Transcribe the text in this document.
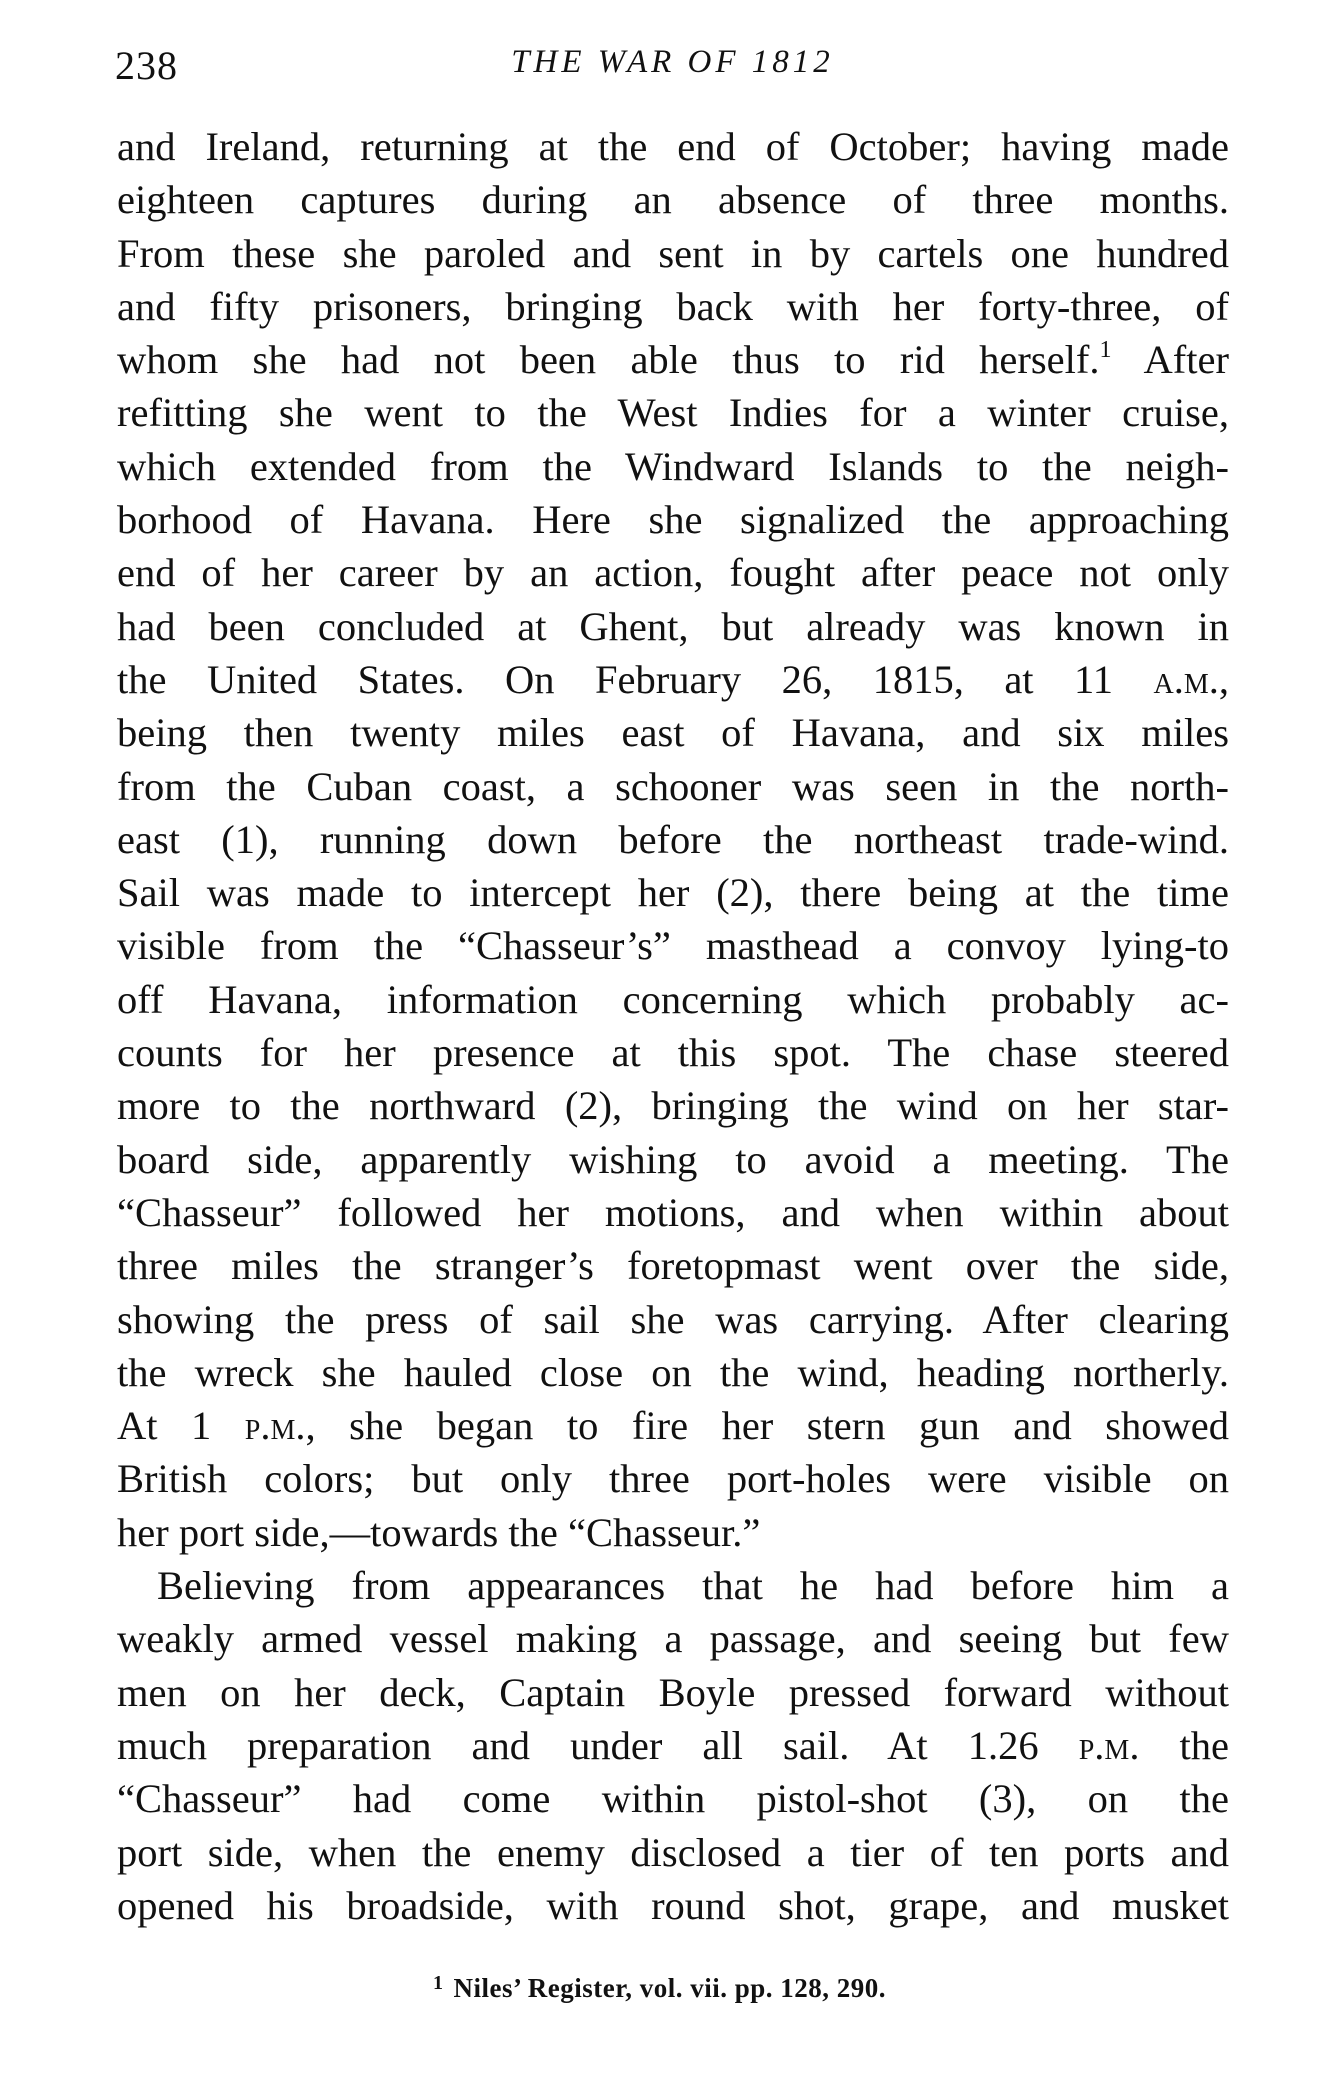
238	THE WAR OF 1812
and Ireland, returning at the end of October; having made
eighteen captures during an absence of three months.
From these she paroled and sent in by cartels one hundred
and fifty prisoners, bringing back with her forty-three, of
whom she had not been able thus to rid herself.$^1$ After
refitting she went to the West Indies for a winter cruise,
which extended from the Windward Islands to the neigh-
borhood of Havana. Here she signalized the approaching
end of her career by an action, fought after peace not only
had been concluded at Ghent, but already was known in
the United States. On February 26, 1815, at 11 a.m.,
being then twenty miles east of Havana, and six miles
from the Cuban coast, a schooner was seen in the north-
east (1), running down before the northeast trade-wind.
Sail was made to intercept her (2), there being at the time
visible from the “Chasseur’s” masthead a convoy lying-to
off Havana, information concerning which probably ac-
counts for her presence at this spot. The chase steered
more to the northward (2), bringing the wind on her star-
board side, apparently wishing to avoid a meeting. The
“Chasseur” followed her motions, and when within about
three miles the stranger’s foretopmast went over the side,
showing the press of sail she was carrying. After clearing
the wreck she hauled close on the wind, heading northerly.
At 1 p.m., she began to fire her stern gun and showed
British colors; but only three port-holes were visible on
her port side,—towards the “Chasseur.”
Believing from appearances that he had before him a
weakly armed vessel making a passage, and seeing but few
men on her deck, Captain Boyle pressed forward without
much preparation and under all sail. At 1.26 p.m. the
“Chasseur” had come within pistol-shot (3), on the
port side, when the enemy disclosed a tier of ten ports and
opened his broadside, with round shot, grape, and musket
$^1$ Niles’ Register, vol. vii. pp. 128, 290.
